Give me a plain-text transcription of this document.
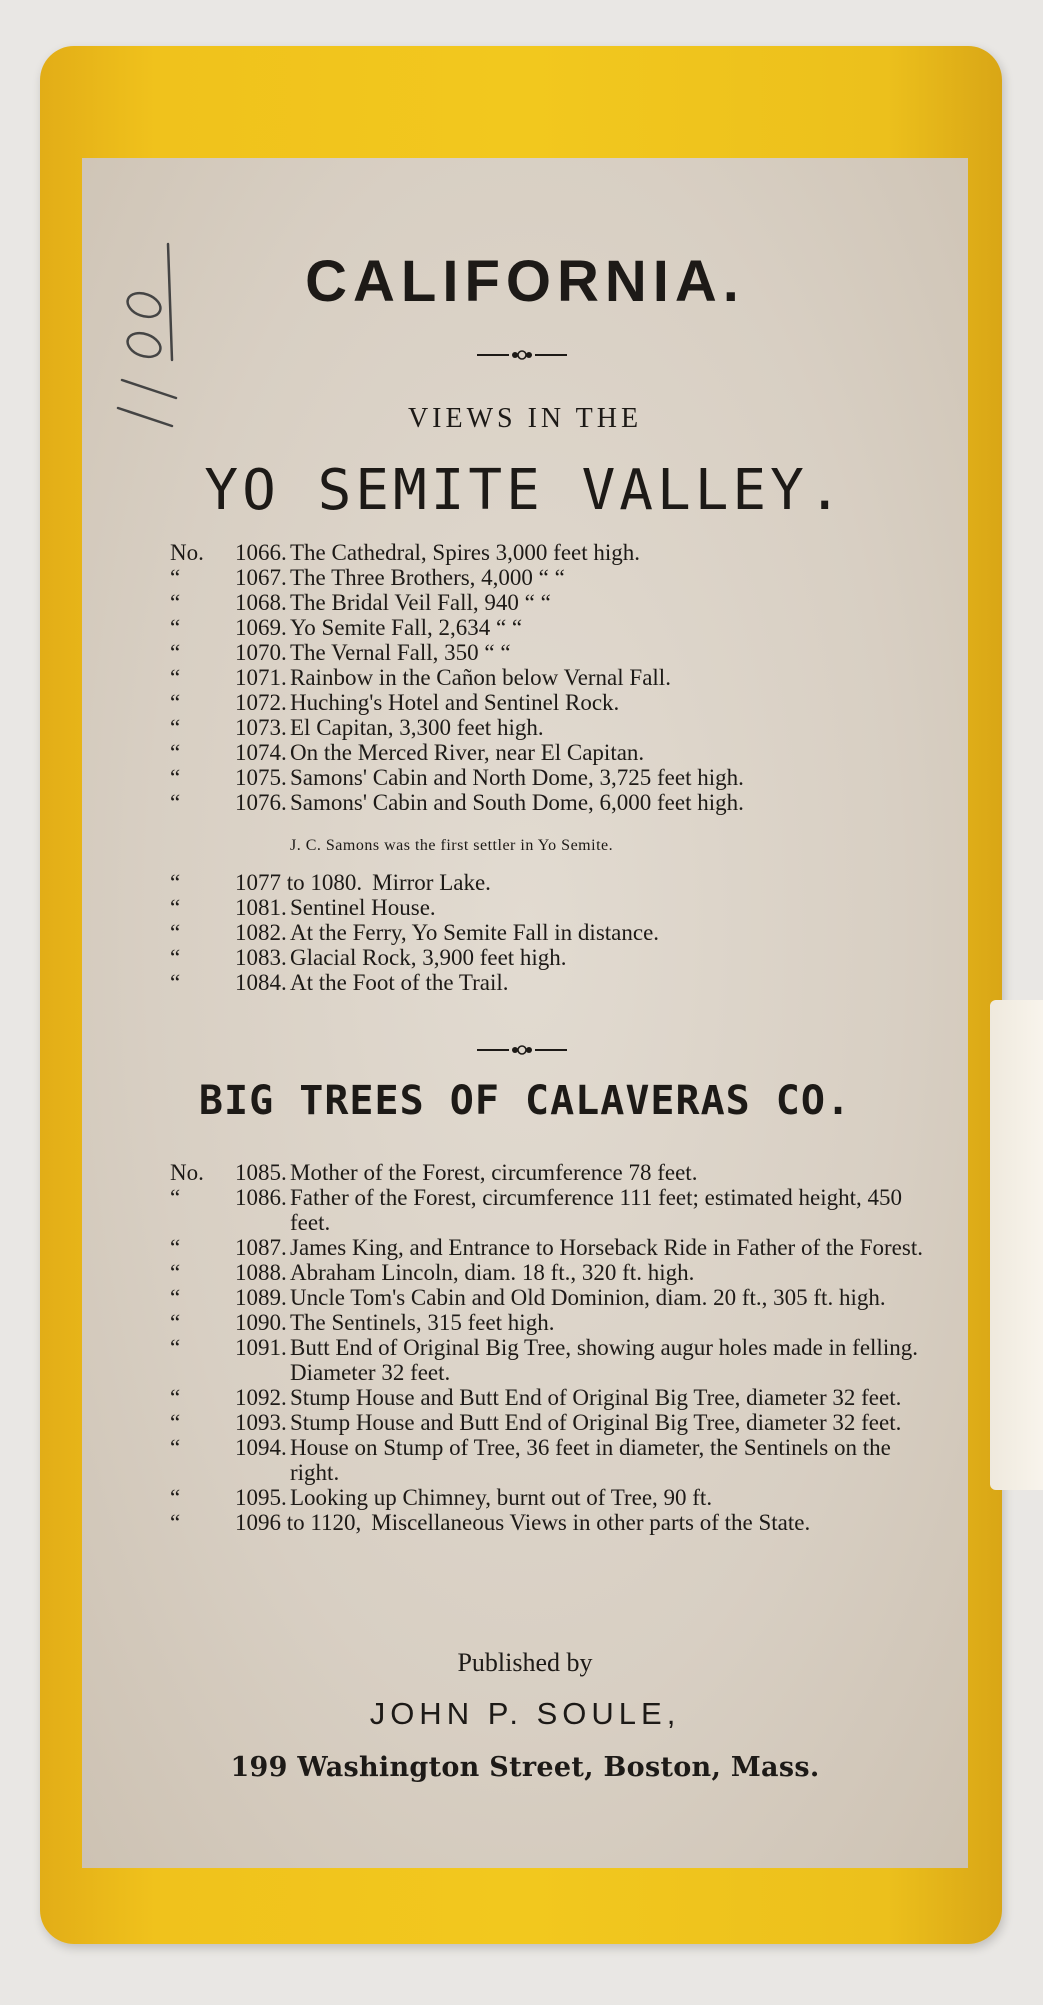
CALIFORNIA.
VIEWS IN THE
YO SEMITE VALLEY.
No.	1066. The Cathedral, Spires 3,000 feet high.
“	1067. The Three Brothers, 4,000 “ “
“	1068. The Bridal Veil Fall, 940 “ “
“	1069. Yo Semite Fall, 2,634 “ “
“	1070. The Vernal Fall, 350 “ “
“	1071. Rainbow in the Cañon below Vernal Fall.
“	1072. Huching's Hotel and Sentinel Rock.
“	1073. El Capitan, 3,300 feet high.
“	1074. On the Merced River, near El Capitan.
“	1075. Samons' Cabin and North Dome, 3,725 feet high.
“	1076. Samons' Cabin and South Dome, 6,000 feet high.
J. C. Samons was the first settler in Yo Semite.
“	1077 to 1080. Mirror Lake.
“	1081. Sentinel House.
“	1082. At the Ferry, Yo Semite Fall in distance.
“	1083. Glacial Rock, 3,900 feet high.
“	1084. At the Foot of the Trail.
BIG TREES OF CALAVERAS CO.
No.	1085. Mother of the Forest, circumference 78 feet.
“	1086. Father of the Forest, circumference 111 feet; estimated height, 450 feet.
“	1087. James King, and Entrance to Horseback Ride in Father of the Forest.
“	1088. Abraham Lincoln, diam. 18 ft., 320 ft. high.
“	1089. Uncle Tom's Cabin and Old Dominion, diam. 20 ft., 305 ft. high.
“	1090. The Sentinels, 315 feet high.
“	1091. Butt End of Original Big Tree, showing augur holes made in felling. Diameter 32 feet.
“	1092. Stump House and Butt End of Original Big Tree, diameter 32 feet.
“	1093. Stump House and Butt End of Original Big Tree, diameter 32 feet.
“	1094. House on Stump of Tree, 36 feet in diameter, the Sentinels on the right.
“	1095. Looking up Chimney, burnt out of Tree, 90 ft.
“	1096 to 1120, Miscellaneous Views in other parts of the State.
Published by
JOHN P. SOULE,
199 Washington Street, Boston, Mass.
